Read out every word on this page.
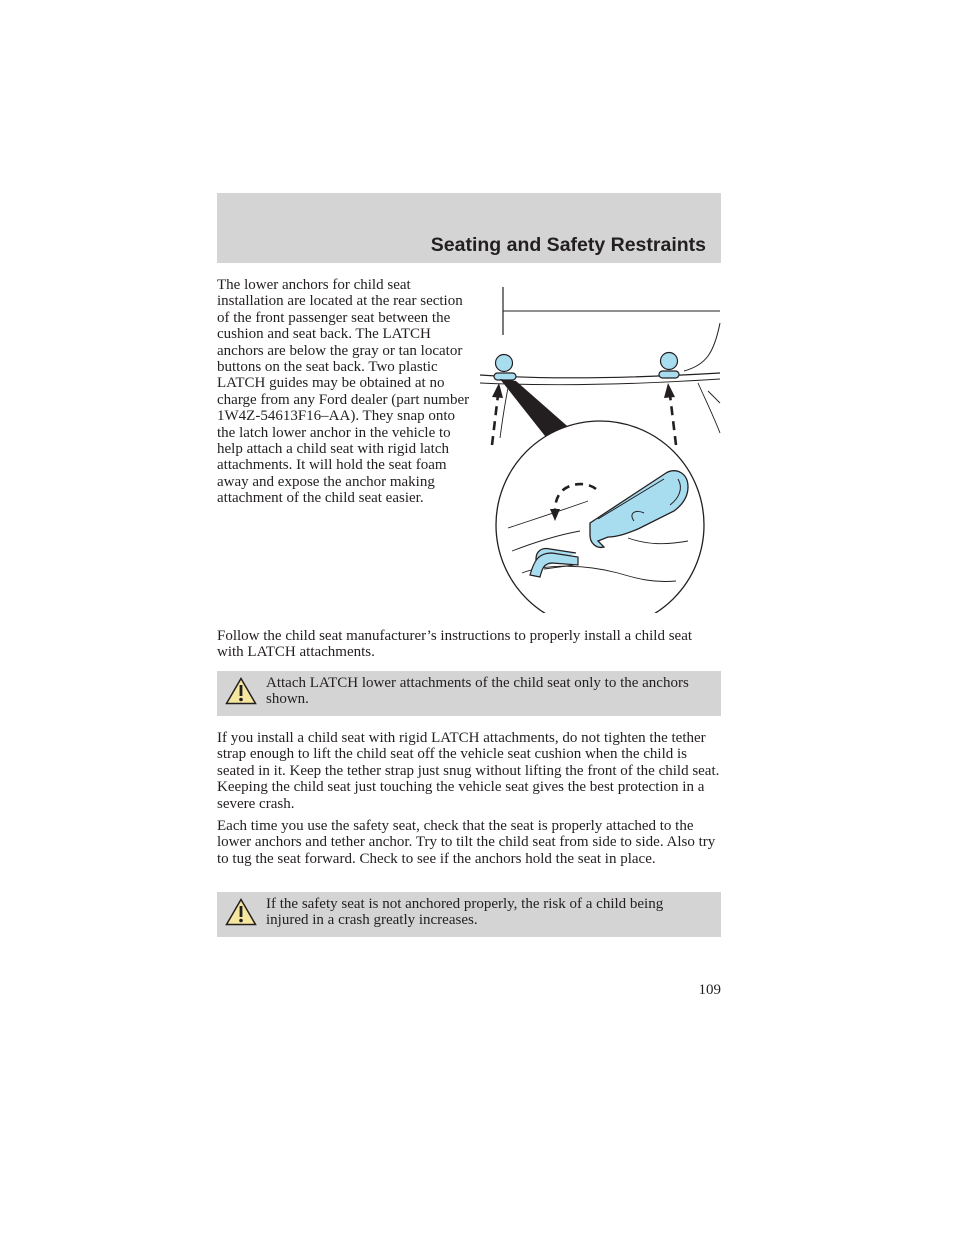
Seating and Safety Restraints

The lower anchors for child seat installation are located at the rear section of the front passenger seat between the cushion and seat back. The LATCH anchors are below the gray or tan locator buttons on the seat back. Two plastic LATCH guides may be obtained at no charge from any Ford dealer (part number 1W4Z-54613F16–AA). They snap onto the latch lower anchor in the vehicle to help attach a child seat with rigid latch attachments. It will hold the seat foam away and expose the anchor making attachment of the child seat easier.

Follow the child seat manufacturer’s instructions to properly install a child seat with LATCH attachments.

Attach LATCH lower attachments of the child seat only to the anchors shown.

If you install a child seat with rigid LATCH attachments, do not tighten the tether strap enough to lift the child seat off the vehicle seat cushion when the child is seated in it. Keep the tether strap just snug without lifting the front of the child seat. Keeping the child seat just touching the vehicle seat gives the best protection in a severe crash.

Each time you use the safety seat, check that the seat is properly attached to the lower anchors and tether anchor. Try to tilt the child seat from side to side. Also try to tug the seat forward. Check to see if the anchors hold the seat in place.

If the safety seat is not anchored properly, the risk of a child being injured in a crash greatly increases.

109
